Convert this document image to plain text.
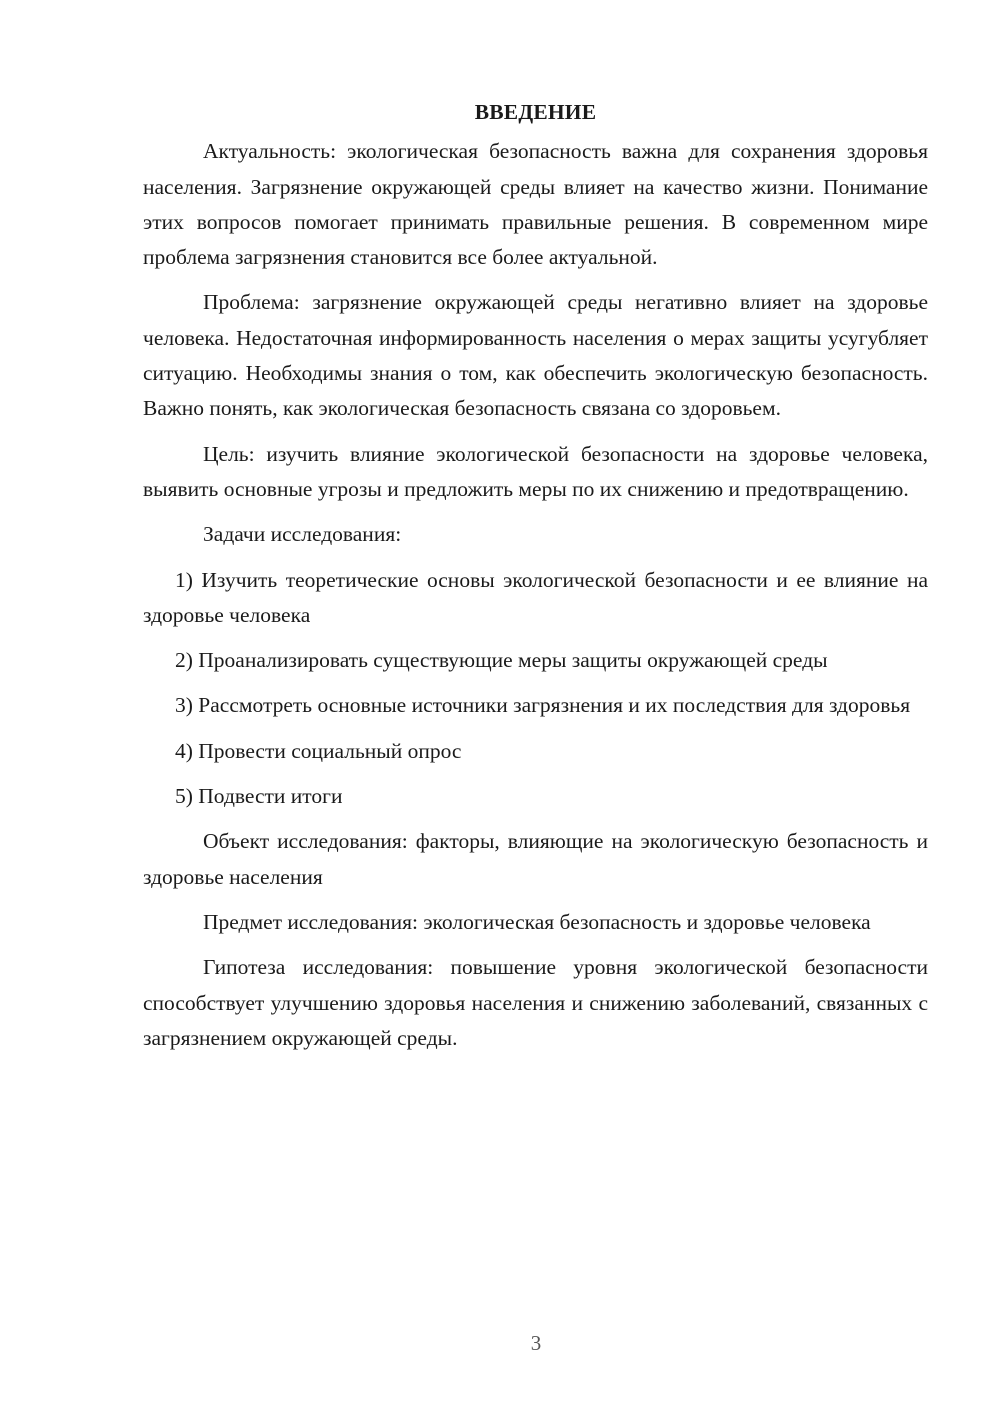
ВВЕДЕНИЕ

Актуальность: экологическая безопасность важна для сохранения здоровья населения. Загрязнение окружающей среды влияет на качество жизни. Понимание этих вопросов помогает принимать правильные решения. В современном мире проблема загрязнения становится все более актуальной.

Проблема: загрязнение окружающей среды негативно влияет на здоровье человека. Недостаточная информированность населения о мерах защиты усугубляет ситуацию. Необходимы знания о том, как обеспечить экологическую безопасность. Важно понять, как экологическая безопасность связана со здоровьем.

Цель: изучить влияние экологической безопасности на здоровье человека, выявить основные угрозы и предложить меры по их снижению и предотвращению.

Задачи исследования:

1) Изучить теоретические основы экологической безопасности и ее влияние на здоровье человека

2) Проанализировать существующие меры защиты окружающей среды

3) Рассмотреть основные источники загрязнения и их последствия для здоровья

4) Провести социальный опрос

5) Подвести итоги

Объект исследования: факторы, влияющие на экологическую безопасность и здоровье населения

Предмет исследования: экологическая безопасность и здоровье человека

Гипотеза исследования: повышение уровня экологической безопасности способствует улучшению здоровья населения и снижению заболеваний, связанных с загрязнением окружающей среды.

3
